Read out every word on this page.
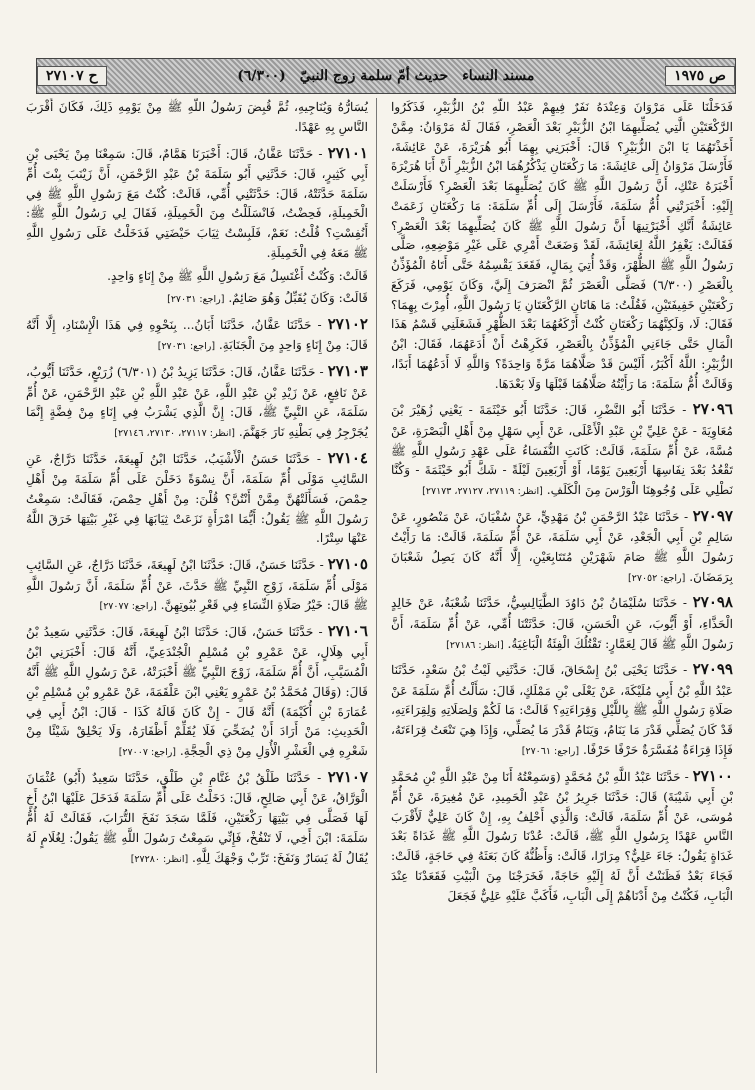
ص ١٩٧٥
مسند النساء
حديث أمّ سلمة زوج النبيّ
(٦/٣٠٠)
ح ٢٧١٠٧

فَدَخَلْنَا عَلَى مَرْوَانَ وَعِنْدَهُ نَفَرٌ فِيهِمْ عَبْدُ اللَّهِ بْنُ الزُّبَيْرِ، فَذَكَرُوا الرَّكْعَتَيْنِ الَّتِي يُصَلِّيهِمَا ابْنُ الزُّبَيْرِ بَعْدَ الْعَصْرِ، فَقَالَ لَهُ مَرْوَانُ: مِمَّنْ أَخَذْتَهُمَا يَا ابْنَ الزُّبَيْرِ؟ قَالَ: أَخْبَرَنِي بِهِمَا أَبُو هُرَيْرَةَ، عَنْ عَائِشَةَ، فَأَرْسَلَ مَرْوَانُ إِلَى عَائِشَةَ: مَا رَكْعَتَانِ يَذْكُرُهُمَا ابْنُ الزُّبَيْرِ أَنَّ أَبَا هُرَيْرَةَ أَخْبَرَهُ عَنْكِ، أَنَّ رَسُولَ اللَّهِ ﷺ كَانَ يُصَلِّيهِمَا بَعْدَ الْعَصْرِ؟ فَأَرْسَلَتْ إِلَيْهِ: أَخْبَرَتْنِي أُمُّ سَلَمَةَ، فَأَرْسَلَ إِلَى أُمِّ سَلَمَةَ: مَا رَكْعَتَانِ زَعَمَتْ عَائِشَةُ أَنَّكِ أَخْبَرْتِيهَا أَنَّ رَسُولَ اللَّهِ ﷺ كَانَ يُصَلِّيهِمَا بَعْدَ الْعَصْرِ؟ فَقَالَتْ: يَغْفِرُ اللَّهُ لِعَائِشَةَ، لَقَدْ وَضَعَتْ أَمْرِي عَلَى غَيْرِ مَوْضِعِهِ، صَلَّى رَسُولُ اللَّهِ ﷺ الظُّهْرَ، وَقَدْ أُتِيَ بِمَالٍ، فَقَعَدَ يَقْسِمُهُ حَتَّى أَتَاهُ الْمُؤَذِّنُ بِالْعَصْرِ (٦/٣٠٠) فَصَلَّى الْعَصْرَ ثُمَّ انْصَرَفَ إِلَيَّ، وَكَانَ يَوْمِي، فَرَكَعَ رَكْعَتَيْنِ خَفِيفَتَيْنِ، فَقُلْتُ: مَا هَاتَانِ الرَّكْعَتَانِ يَا رَسُولَ اللَّهِ، أُمِرْتَ بِهِمَا؟ فَقَالَ: لَا، وَلَكِنَّهُمَا رَكْعَتَانِ كُنْتُ أَرْكَعُهُمَا بَعْدَ الظُّهْرِ فَشَغَلَنِي قَسْمُ هَذَا الْمَالِ حَتَّى جَاءَنِي الْمُؤَذِّنُ بِالْعَصْرِ، فَكَرِهْتُ أَنْ أَدَعَهُمَا، فَقَالَ: ابْنُ الزُّبَيْرِ: اللَّهُ أَكْبَرُ، أَلَيْسَ قَدْ صَلَّاهُمَا مَرَّةً وَاحِدَةً؟ وَاللَّهِ لَا أَدَعُهُمَا أَبَدًا، وَقَالَتْ أُمُّ سَلَمَةَ: مَا رَأَيْتُهُ صَلَّاهُمَا قَبْلَهَا وَلَا بَعْدَهَا.

٢٧٠٩٦ - حَدَّثَنَا أَبُو النَّضْرِ، قَالَ: حَدَّثَنَا أَبُو خَيْثَمَةَ - يَعْنِي زُهَيْرَ بْنَ مُعَاوِيَةَ - عَنْ عَلِيِّ بْنِ عَبْدِ الْأَعْلَى، عَنْ أَبِي سَهْلٍ مِنْ أَهْلِ الْبَصْرَةِ، عَنْ مُسَّةَ، عَنْ أُمِّ سَلَمَةَ، قَالَتْ: كَانَتِ النُّفَسَاءُ عَلَى عَهْدِ رَسُولِ اللَّهِ ﷺ تَقْعُدُ بَعْدَ نِفَاسِهَا أَرْبَعِينَ يَوْمًا، أَوْ أَرْبَعِينَ لَيْلَةً - شَكَّ أَبُو خَيْثَمَةَ - وَكُنَّا نَطْلِي عَلَى وُجُوهِنَا الْوَرْسَ مِنَ الْكَلَفِ. [انظر: ٢٧١١٩، ٢٧١٢٧، ٢٧١٧٣]

٢٧٠٩٧ - حَدَّثَنَا عَبْدُ الرَّحْمَنِ بْنُ مَهْدِيٍّ، عَنْ سُفْيَانَ، عَنْ مَنْصُورٍ، عَنْ سَالِمِ بْنِ أَبِي الْجَعْدِ، عَنْ أَبِي سَلَمَةَ، عَنْ أُمِّ سَلَمَةَ، قَالَتْ: مَا رَأَيْتُ رَسُولَ اللَّهِ ﷺ صَامَ شَهْرَيْنِ مُتَتَابِعَيْنِ، إِلَّا أَنَّهُ كَانَ يَصِلُ شَعْبَانَ بِرَمَضَانَ. [راجع: ٢٧٠٥٢]

٢٧٠٩٨ - حَدَّثَنَا سُلَيْمَانُ بْنُ دَاوُدَ الطَّيَالِسِيُّ، حَدَّثَنَا شُعْبَةُ، عَنْ خَالِدٍ الْحَذَّاءِ، أَوْ أَيُّوبَ، عَنِ الْحَسَنِ، قَالَ: حَدَّثَتْنَا أُمِّي، عَنْ أُمِّ سَلَمَةَ، أَنَّ رَسُولَ اللَّهِ ﷺ قَالَ لِعَمَّارٍ: تَقْتُلُكَ الْفِئَةُ الْبَاغِيَةُ. [انظر: ٢٧١٨٦]

٢٧٠٩٩ - حَدَّثَنَا يَحْيَى بْنُ إِسْحَاقَ، قَالَ: حَدَّثَنِي لَيْثُ بْنُ سَعْدٍ، حَدَّثَنَا عَبْدُ اللَّهِ بْنُ أَبِي مُلَيْكَةَ، عَنْ يَعْلَى بْنِ مَمْلَكٍ، قَالَ: سَأَلْتُ أُمَّ سَلَمَةَ عَنْ صَلَاةِ رَسُولِ اللَّهِ ﷺ بِاللَّيْلِ وَقِرَاءَتِهِ؟ قَالَتْ: مَا لَكُمْ وَلِصَلَاتِهِ وَلِقِرَاءَتِهِ، قَدْ كَانَ يُصَلِّي قَدْرَ مَا يَنَامُ، وَيَنَامُ قَدْرَ مَا يُصَلِّي، وَإِذَا هِيَ تَنْعَتُ قِرَاءَتَهُ، فَإِذَا قِرَاءَةٌ مُفَسَّرَةٌ حَرْفًا حَرْفًا. [راجع: ٢٧٠٦١]

٢٧١٠٠ - حَدَّثَنَا عَبْدُ اللَّهِ بْنُ مُحَمَّدٍ (وَسَمِعْتُهُ أَنَا مِنْ عَبْدِ اللَّهِ بْنِ مُحَمَّدِ بْنِ أَبِي شَيْبَةَ) قَالَ: حَدَّثَنَا جَرِيرُ بْنُ عَبْدِ الْحَمِيدِ، عَنْ مُغِيرَةَ، عَنْ أُمِّ مُوسَى، عَنْ أُمِّ سَلَمَةَ، قَالَتْ: وَالَّذِي أَحْلِفُ بِهِ، إِنْ كَانَ عَلِيٌّ لَأَقْرَبَ النَّاسِ عَهْدًا بِرَسُولِ اللَّهِ ﷺ، قَالَتْ: عُدْنَا رَسُولَ اللَّهِ ﷺ غَدَاةً بَعْدَ غَدَاةٍ يَقُولُ: جَاءَ عَلِيٌّ؟ مِرَارًا، قَالَتْ: وَأَظُنُّهُ كَانَ بَعَثَهُ فِي حَاجَةٍ، قَالَتْ: فَجَاءَ بَعْدُ فَظَنَنْتُ أَنَّ لَهُ إِلَيْهِ حَاجَةً، فَخَرَجْنَا مِنَ الْبَيْتِ فَقَعَدْنَا عِنْدَ الْبَابِ، فَكُنْتُ مِنْ أَدْنَاهُمْ إِلَى الْبَابِ، فَأَكَبَّ عَلَيْهِ عَلِيٌّ فَجَعَلَ

يُسَارُّهُ وَيُنَاجِيهِ، ثُمَّ قُبِضَ رَسُولُ اللَّهِ ﷺ مِنْ يَوْمِهِ ذَلِكَ، فَكَانَ أَقْرَبَ النَّاسِ بِهِ عَهْدًا.

٢٧١٠١ - حَدَّثَنَا عَفَّانُ، قَالَ: أَخْبَرَنَا هَمَّامٌ، قَالَ: سَمِعْنَا مِنْ يَحْيَى بْنِ أَبِي كَثِيرٍ، قَالَ: حَدَّثَنِي أَبُو سَلَمَةَ بْنُ عَبْدِ الرَّحْمَنِ، أَنَّ زَيْنَبَ بِنْتَ أُمِّ سَلَمَةَ حَدَّثَتْهُ، قَالَ: حَدَّثَتْنِي أُمِّي، قَالَتْ: كُنْتُ مَعَ رَسُولِ اللَّهِ ﷺ فِي الْخَمِيلَةِ، فَحِضْتُ، فَانْسَلَلْتُ مِنَ الْخَمِيلَةِ، فَقَالَ لِي رَسُولُ اللَّهِ ﷺ: أَنُفِسْتِ؟ قُلْتُ: نَعَمْ، فَلَبِسْتُ ثِيَابَ حَيْضَتِي فَدَخَلْتُ عَلَى رَسُولِ اللَّهِ ﷺ مَعَهُ فِي الْخَمِيلَةِ.

قَالَتْ: وَكُنْتُ أَغْتَسِلُ مَعَ رَسُولِ اللَّهِ ﷺ مِنْ إِنَاءٍ وَاحِدٍ.

قَالَتْ: وَكَانَ يُقَبِّلُ وَهُوَ صَائِمٌ. [راجع: ٢٧٠٣١]

٢٧١٠٢ - حَدَّثَنَا عَفَّانُ، حَدَّثَنَا أَبَانُ... بِنَحْوِهِ فِي هَذَا الْإِسْنَادِ، إِلَّا أَنَّهُ قَالَ: مِنْ إِنَاءٍ وَاحِدٍ مِنَ الْجَنَابَةِ. [راجع: ٢٧٠٣١]

٢٧١٠٣ - حَدَّثَنَا عَفَّانُ، قَالَ: حَدَّثَنَا يَزِيدُ بْنُ (٦/٣٠١) زُرَيْعٍ، حَدَّثَنَا أَيُّوبُ، عَنْ نَافِعٍ، عَنْ زَيْدِ بْنِ عَبْدِ اللَّهِ، عَنْ عَبْدِ اللَّهِ بْنِ عَبْدِ الرَّحْمَنِ، عَنْ أُمِّ سَلَمَةَ، عَنِ النَّبِيِّ ﷺ، قَالَ: إِنَّ الَّذِي يَشْرَبُ فِي إِنَاءٍ مِنْ فِضَّةٍ إِنَّمَا يُجَرْجِرُ فِي بَطْنِهِ نَارَ جَهَنَّمَ. [انظر: ٢٧١١٧، ٢٧١٣٠، ٢٧١٤٦]

٢٧١٠٤ - حَدَّثَنَا حَسَنُ الْأَشْيَبُ، حَدَّثَنَا ابْنُ لَهِيعَةَ، حَدَّثَنَا دَرَّاجٌ، عَنِ السَّائِبِ مَوْلَى أُمِّ سَلَمَةَ، أَنَّ نِسْوَةً دَخَلْنَ عَلَى أُمِّ سَلَمَةَ مِنْ أَهْلِ حِمْصَ، فَسَأَلَتْهُنَّ مِمَّنْ أَنْتُنَّ؟ قُلْنَ: مِنْ أَهْلِ حِمْصَ، فَقَالَتْ: سَمِعْتُ رَسُولَ اللَّهِ ﷺ يَقُولُ: أَيُّمَا امْرَأَةٍ نَزَعَتْ ثِيَابَهَا فِي غَيْرِ بَيْتِهَا خَرَقَ اللَّهُ عَنْهَا سِتْرًا.

٢٧١٠٥ - حَدَّثَنَا حَسَنٌ، قَالَ: حَدَّثَنَا ابْنُ لَهِيعَةَ، حَدَّثَنَا دَرَّاجٌ، عَنِ السَّائِبِ مَوْلَى أُمِّ سَلَمَةَ، زَوْجِ النَّبِيِّ ﷺ حَدَّثَ، عَنْ أُمِّ سَلَمَةَ، أَنَّ رَسُولَ اللَّهِ ﷺ قَالَ: خَيْرُ صَلَاةِ النِّسَاءِ فِي قَعْرِ بُيُوتِهِنَّ. [راجع: ٢٧٠٧٧]

٢٧١٠٦ - حَدَّثَنَا حَسَنٌ، قَالَ: حَدَّثَنَا ابْنُ لَهِيعَةَ، قَالَ: حَدَّثَنِي سَعِيدُ بْنُ أَبِي هِلَالٍ، عَنْ عَمْرِو بْنِ مُسْلِمٍ الْجُنْدَعِيِّ، أَنَّهُ قَالَ: أَخْبَرَنِي ابْنُ الْمُسَيَّبِ، أَنَّ أُمَّ سَلَمَةَ، زَوْجَ النَّبِيِّ ﷺ أَخْبَرَتْهُ، عَنْ رَسُولِ اللَّهِ ﷺ أَنَّهُ قَالَ: (وَقَالَ مُحَمَّدُ بْنُ عَمْرٍو يَعْنِي ابْنَ عَلْقَمَةَ، عَنْ عَمْرِو بْنِ مُسْلِمِ بْنِ عُمَارَةَ بْنِ أُكَيْمَةَ) أَنَّهُ قَالَ - إِنْ كَانَ قَالَهُ كَذَا - قَالَ: ابْنُ أَبِي فِي الْحَدِيثِ: مَنْ أَرَادَ أَنْ يُضَحِّيَ فَلَا يُقَلِّمْ أَظْفَارَهُ، وَلَا يَحْلِقْ شَيْئًا مِنْ شَعْرِهِ فِي الْعَشْرِ الْأُوَلِ مِنْ ذِي الْحِجَّةِ. [راجع: ٢٧٠٠٧]

٢٧١٠٧ - حَدَّثَنَا طَلْقُ بْنُ غَنَّامِ بْنِ طَلْقٍ، حَدَّثَنَا سَعِيدٌ (أَبُو) عُثْمَانَ الْوَرَّاقُ، عَنْ أَبِي صَالِحٍ، قَالَ: دَخَلْتُ عَلَى أُمِّ سَلَمَةَ فَدَخَلَ عَلَيْهَا ابْنُ أَخٍ لَهَا فَصَلَّى فِي بَيْتِهَا رَكْعَتَيْنِ، فَلَمَّا سَجَدَ نَفَخَ التُّرَابَ، فَقَالَتْ لَهُ أُمُّ سَلَمَةَ: ابْنَ أَخِي، لَا تَنْفُخْ، فَإِنِّي سَمِعْتُ رَسُولَ اللَّهِ ﷺ يَقُولُ: لِغُلَامٍ لَهُ يُقَالُ لَهُ يَسَارٌ وَنَفَخَ: تَرِّبْ وَجْهَكَ لِلَّهِ. [انظر: ٢٧٢٨٠]
